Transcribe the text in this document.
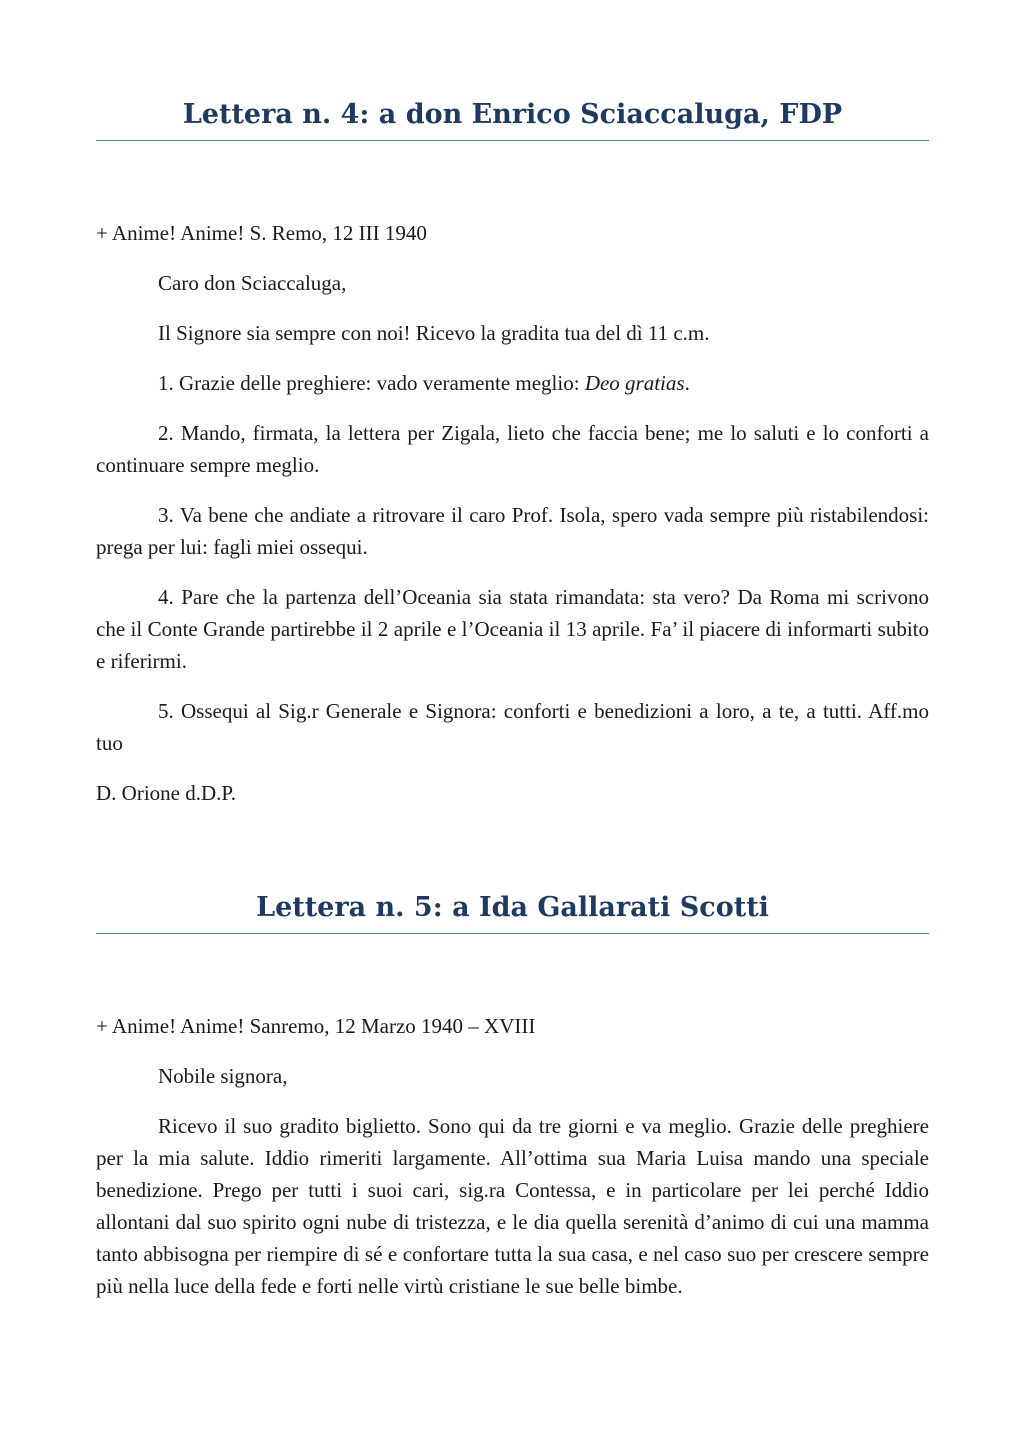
Lettera n. 4: a don Enrico Sciaccaluga, FDP

+ Anime! Anime! S. Remo, 12 III 1940

Caro don Sciaccaluga,

Il Signore sia sempre con noi! Ricevo la gradita tua del dì 11 c.m.

1. Grazie delle preghiere: vado veramente meglio: Deo gratias.

2. Mando, firmata, la lettera per Zigala, lieto che faccia bene; me lo saluti e lo conforti a continuare sempre meglio.

3. Va bene che andiate a ritrovare il caro Prof. Isola, spero vada sempre più ristabilendosi: prega per lui: fagli miei ossequi.

4. Pare che la partenza dell’Oceania sia stata rimandata: sta vero? Da Roma mi scrivono che il Conte Grande partirebbe il 2 aprile e l’Oceania il 13 aprile. Fa’ il piacere di informarti subito e riferirmi.

5. Ossequi al Sig.r Generale e Signora: conforti e benedizioni a loro, a te, a tutti. Aff.mo tuo

D. Orione d.D.P.

Lettera n. 5: a Ida Gallarati Scotti

+ Anime! Anime! Sanremo, 12 Marzo 1940 – XVIII

Nobile signora,

Ricevo il suo gradito biglietto. Sono qui da tre giorni e va meglio. Grazie delle preghiere per la mia salute. Iddio rimeriti largamente. All’ottima sua Maria Luisa mando una speciale benedizione. Prego per tutti i suoi cari, sig.ra Contessa, e in particolare per lei perché Iddio allontani dal suo spirito ogni nube di tristezza, e le dia quella serenità d’animo di cui una mamma tanto abbisogna per riempire di sé e confortare tutta la sua casa, e nel caso suo per crescere sempre più nella luce della fede e forti nelle virtù cristiane le sue belle bimbe.
